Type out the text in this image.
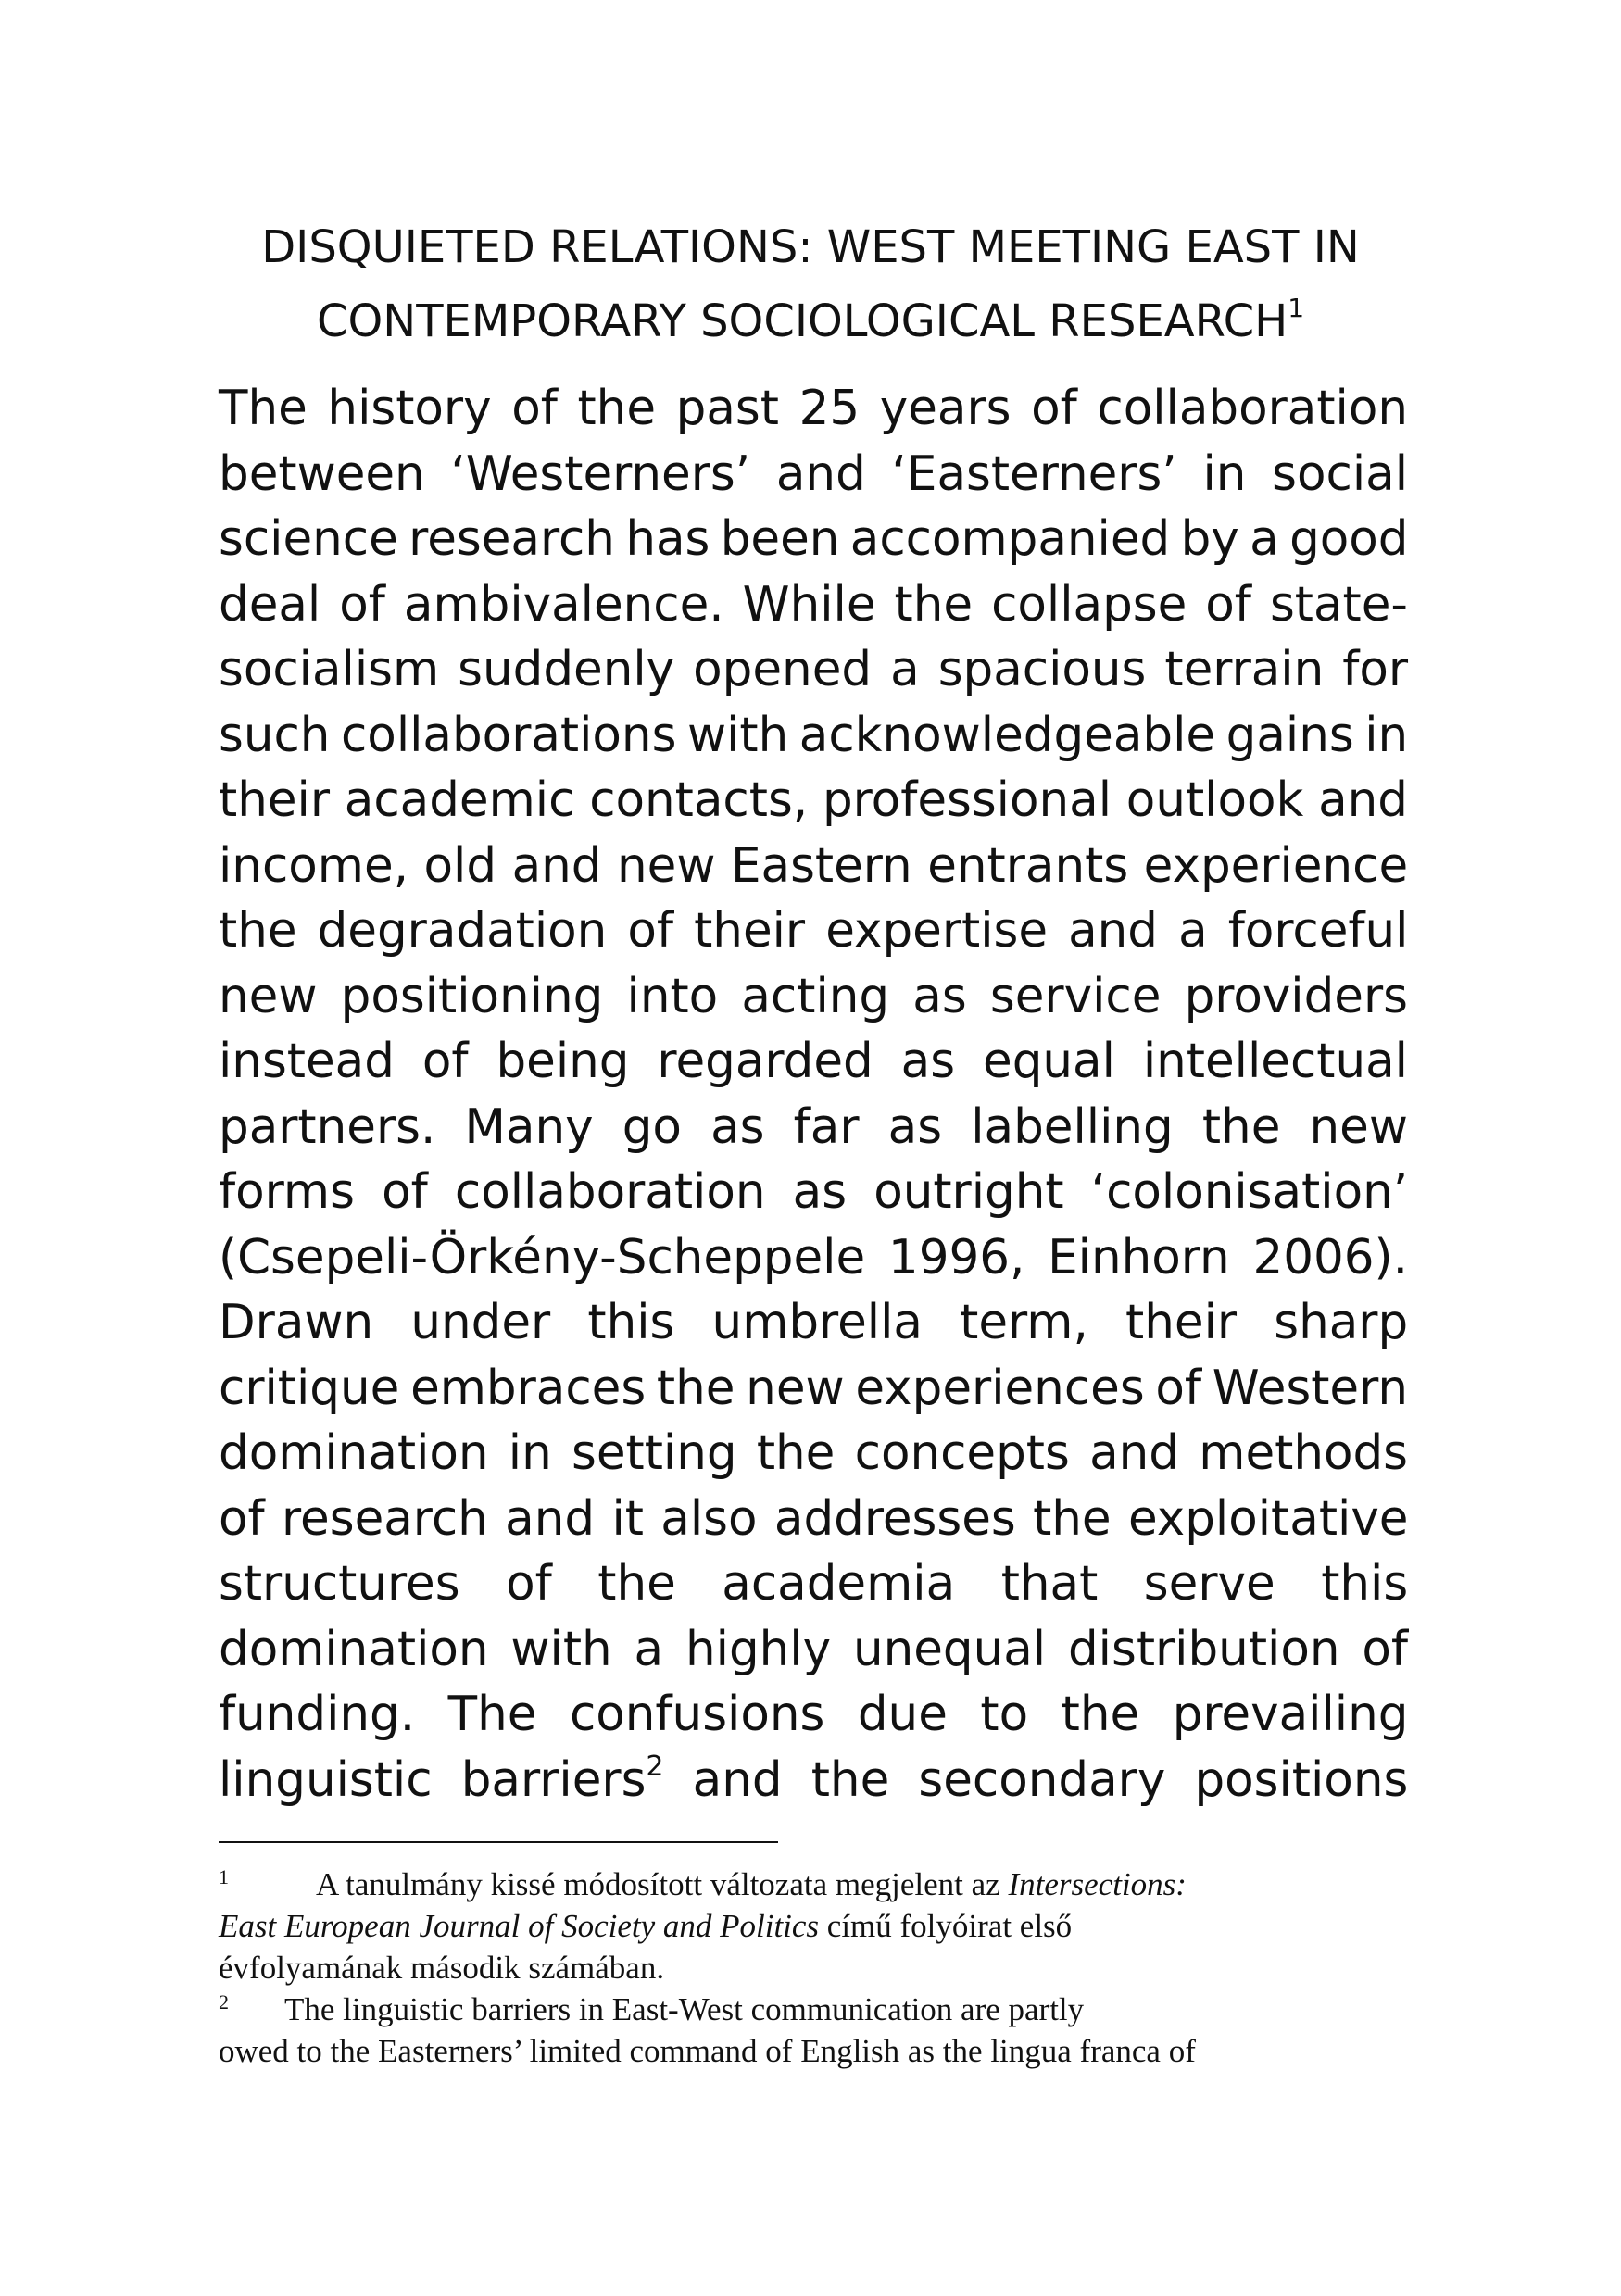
DISQUIETED RELATIONS: WEST MEETING EAST IN
CONTEMPORARY SOCIOLOGICAL RESEARCH$^1$
The history of the past 25 years of collaboration
between ‘Westerners’ and ‘Easterners’ in social
science research has been accompanied by a good
deal of ambivalence. While the collapse of state-
socialism suddenly opened a spacious terrain for
such collaborations with acknowledgeable gains in
their academic contacts, professional outlook and
income, old and new Eastern entrants experience
the degradation of their expertise and a forceful
new positioning into acting as service providers
instead of being regarded as equal intellectual
partners. Many go as far as labelling the new
forms of collaboration as outright ‘colonisation’
(Csepeli-Örkény-Scheppele 1996, Einhorn 2006).
Drawn under this umbrella term, their sharp
critique embraces the new experiences of Western
domination in setting the concepts and methods
of research and it also addresses the exploitative
structures of the academia that serve this
domination with a highly unequal distribution of
funding. The confusions due to the prevailing
linguistic barriers$^2$ and the secondary positions
1	A tanulmány kissé módosított változata megjelent az Intersections:
East European Journal of Society and Politics című folyóirat első
évfolyamának második számában.
2 The linguistic barriers in East-West communication are partly
owed to the Easterners’ limited command of English as the lingua franca of
